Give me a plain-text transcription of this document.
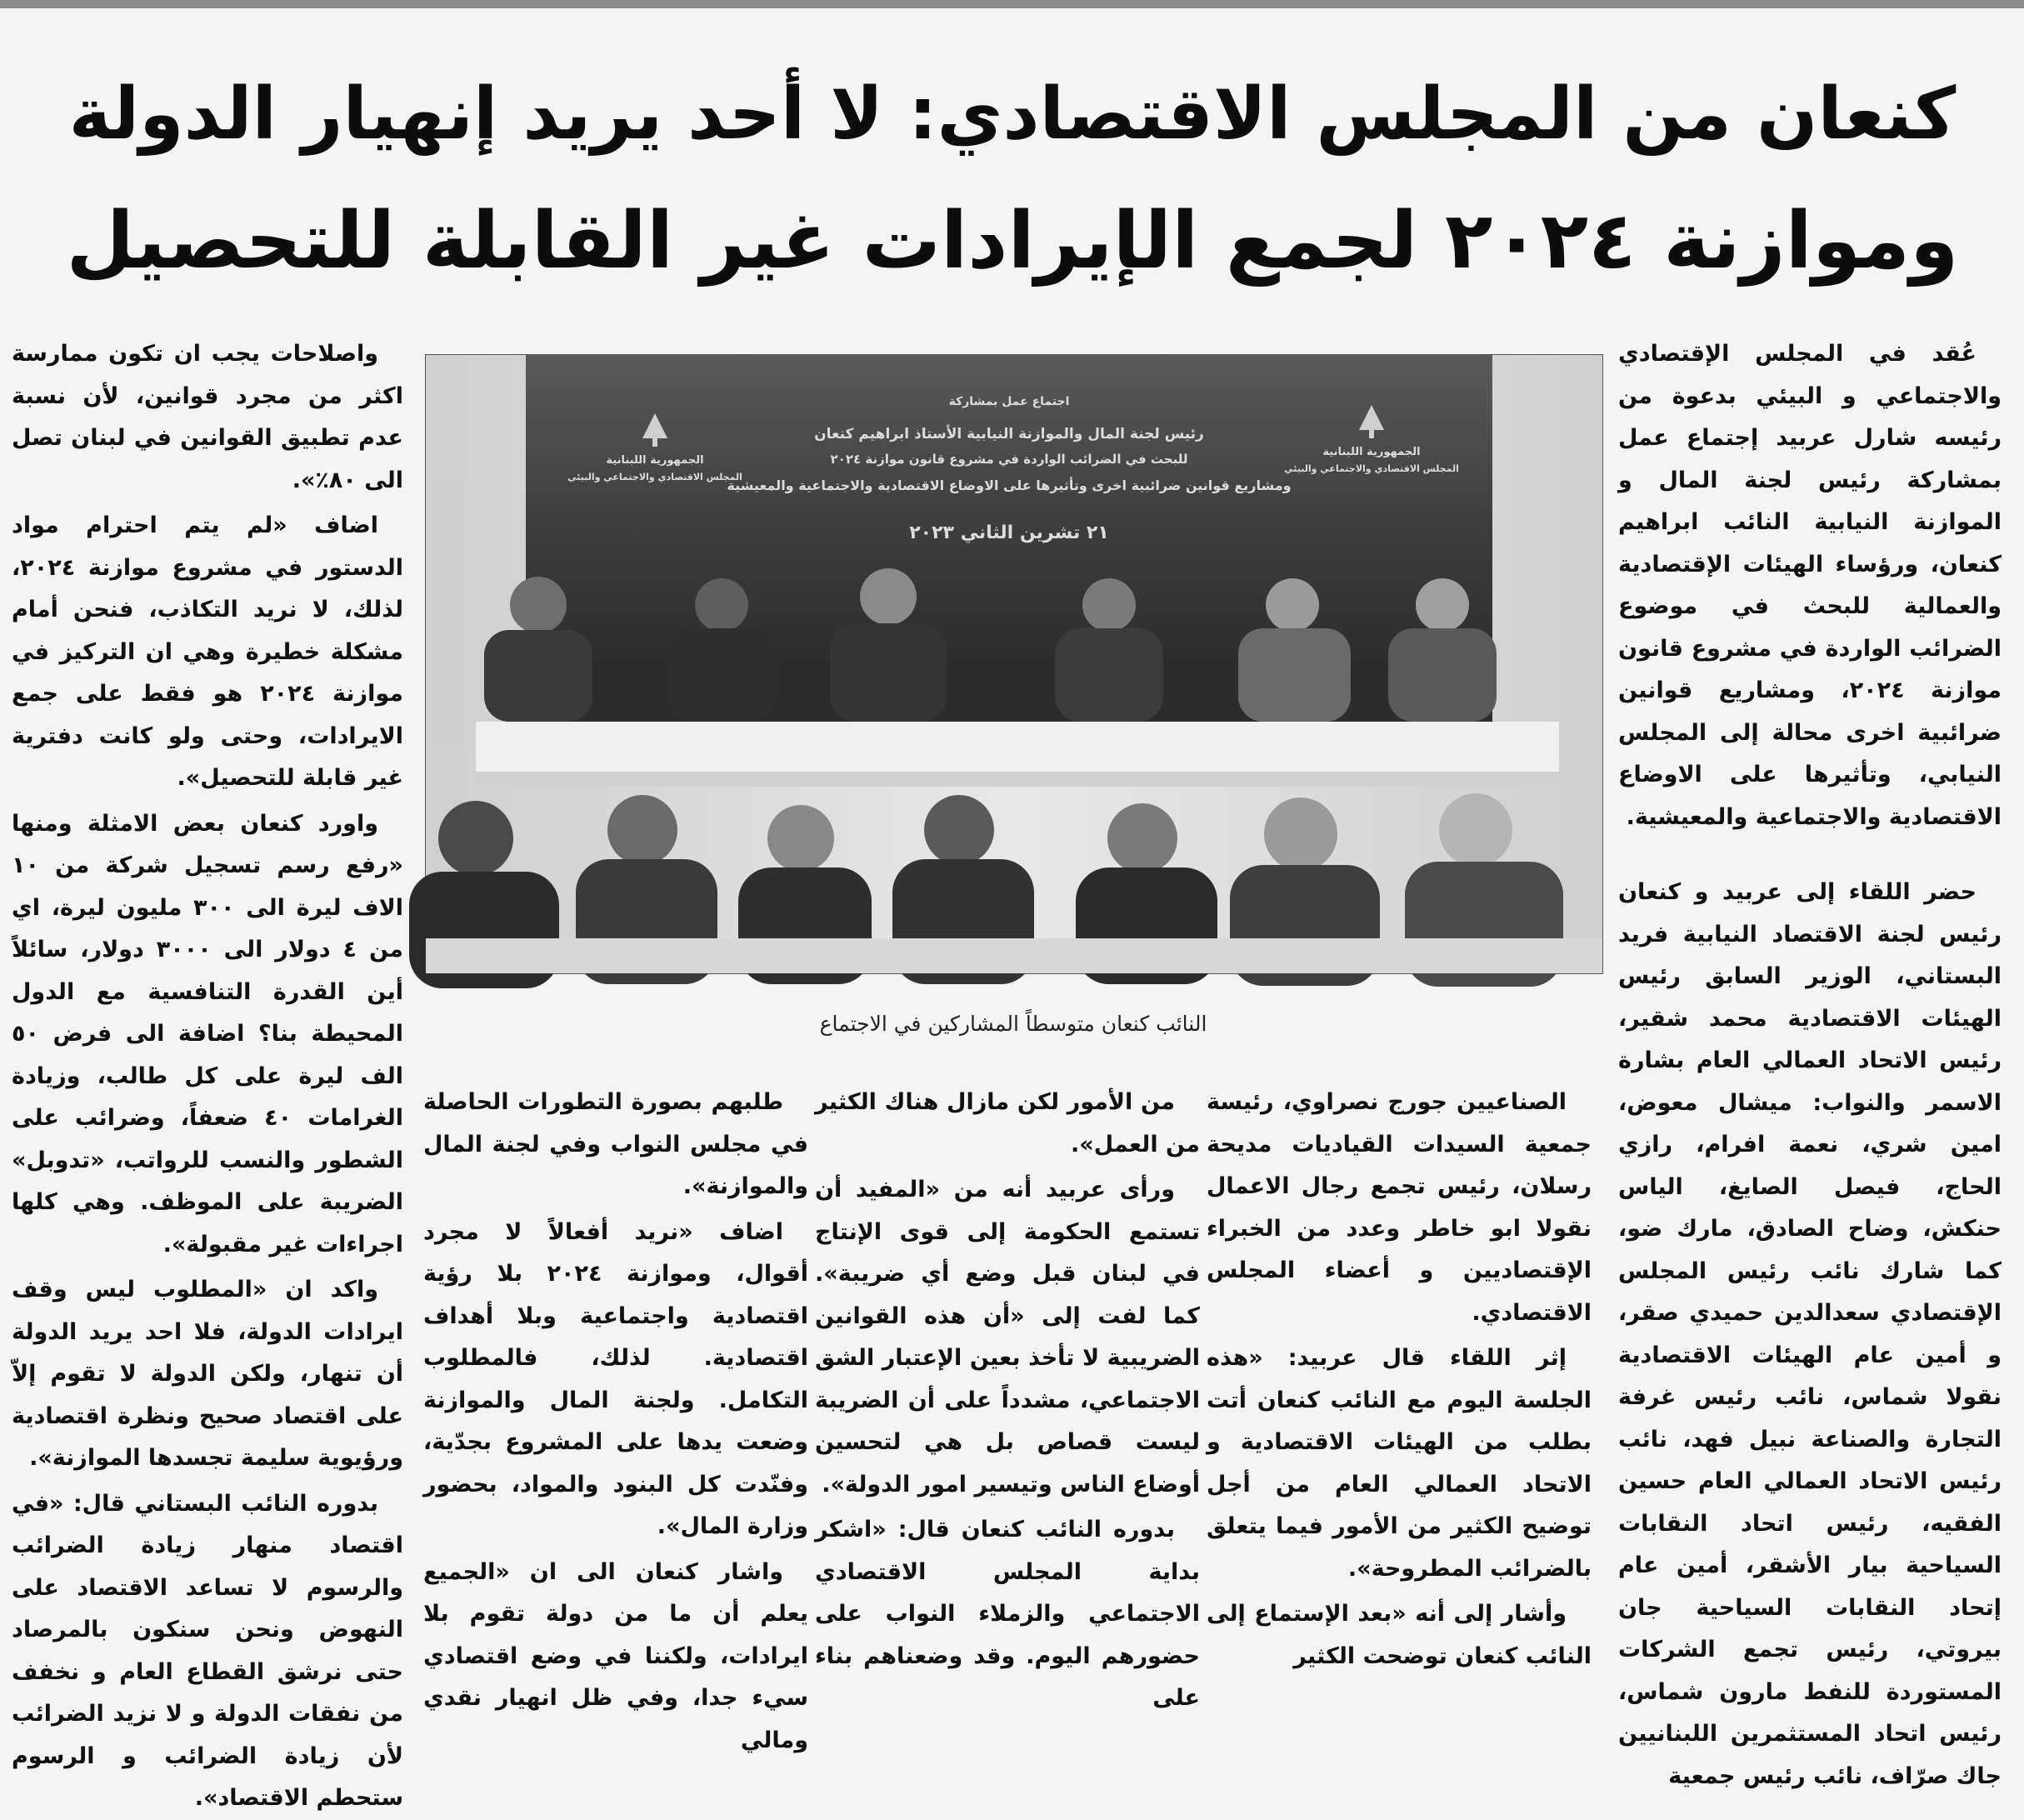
كنعان من المجلس الاقتصادي: لا أحد يريد إنهيار الدولة
وموازنة ٢٠٢٤ لجمع الإيرادات غير القابلة للتحصيل

عُقد في المجلس الإقتصادي والاجتماعي و البيئي بدعوة من رئيسه شارل عربيد إجتماع عمل بمشاركة رئيس لجنة المال و الموازنة النيابية النائب ابراهيم كنعان، ورؤساء الهيئات الإقتصادية والعمالية للبحث في موضوع الضرائب الواردة في مشروع قانون موازنة ٢٠٢٤، ومشاريع قوانين ضرائبية اخرى محالة إلى المجلس النيابي، وتأثيرها على الاوضاع الاقتصادية والاجتماعية والمعيشية.

حضر اللقاء إلى عربيد و كنعان رئيس لجنة الاقتصاد النيابية فريد البستاني، الوزير السابق رئيس الهيئات الاقتصادية محمد شقير، رئيس الاتحاد العمالي العام بشارة الاسمر والنواب: ميشال معوض، امين شري، نعمة افرام، رازي الحاج، فيصل الصايغ، الياس حنكش، وضاح الصادق، مارك ضو، كما شارك نائب رئيس المجلس الإقتصادي سعدالدين حميدي صقر، و أمين عام الهيئات الاقتصادية نقولا شماس، نائب رئيس غرفة التجارة والصناعة نبيل فهد، نائب رئيس الاتحاد العمالي العام حسين الفقيه، رئيس اتحاد النقابات السياحية بيار الأشقر، أمين عام إتحاد النقابات السياحية جان بيروتي، رئيس تجمع الشركات المستوردة للنفط مارون شماس، رئيس اتحاد المستثمرين اللبنانيين جاك صرّاف، نائب رئيس جمعية

اجتماع عمل بمشاركة
رئيس لجنة المال والموازنة النيابية الأستاذ ابراهيم كنعان
للبحث في الضرائب الواردة في مشروع قانون موازنة ٢٠٢٤
ومشاريع قوانين ضرائبية اخرى وتأثيرها على الاوضاع الاقتصادية والاجتماعية والمعيشية
٢١ تشرين الثاني ٢٠٢٣
الجمهورية اللبنانية
المجلس الاقتصادي والاجتماعي والبيئي
الجمهورية اللبنانية
المجلس الاقتصادي والاجتماعي والبيئي
النائب كنعان متوسطاً المشاركين في الاجتماع

الصناعيين جورج نصراوي، رئيسة جمعية السيدات القياديات مديحة رسلان، رئيس تجمع رجال الاعمال نقولا ابو خاطر وعدد من الخبراء الإقتصاديين و أعضاء المجلس الاقتصادي.

إثر اللقاء قال عربيد: «هذه الجلسة اليوم مع النائب كنعان أتت بطلب من الهيئات الاقتصادية و الاتحاد العمالي العام من أجل توضيح الكثير من الأمور فيما يتعلق بالضرائب المطروحة».

وأشار إلى أنه «بعد الإستماع إلى النائب كنعان توضحت الكثير

من الأمور لكن مازال هناك الكثير من العمل».

ورأى عربيد أنه من «المفيد أن تستمع الحكومة إلى قوى الإنتاج في لبنان قبل وضع أي ضريبة». كما لفت إلى «أن هذه القوانين الضريبية لا تأخذ بعين الإعتبار الشق الاجتماعي، مشدداً على أن الضريبة ليست قصاص بل هي لتحسين أوضاع الناس وتيسير امور الدولة».

بدوره النائب كنعان قال: «اشكر بداية المجلس الاقتصادي الاجتماعي والزملاء النواب على حضورهم اليوم. وقد وضعناهم بناء على

طلبهم بصورة التطورات الحاصلة في مجلس النواب وفي لجنة المال والموازنة».

اضاف «نريد أفعالاً لا مجرد أقوال، وموازنة ٢٠٢٤ بلا رؤية اقتصادية واجتماعية وبلا أهداف اقتصادية. لذلك، فالمطلوب التكامل. ولجنة المال والموازنة وضعت يدها على المشروع بجدّية، وفنّدت كل البنود والمواد، بحضور وزارة المال».

واشار كنعان الى ان «الجميع يعلم أن ما من دولة تقوم بلا ايرادات، ولكننا في وضع اقتصادي سيء جدا، وفي ظل انهيار نقدي ومالي

واصلاحات يجب ان تكون ممارسة اكثر من مجرد قوانين، لأن نسبة عدم تطبيق القوانين في لبنان تصل الى ٨٠٪».

اضاف «لم يتم احترام مواد الدستور في مشروع موازنة ٢٠٢٤، لذلك، لا نريد التكاذب، فنحن أمام مشكلة خطيرة وهي ان التركيز في موازنة ٢٠٢٤ هو فقط على جمع الايرادات، وحتى ولو كانت دفترية غير قابلة للتحصيل».

واورد كنعان بعض الامثلة ومنها «رفع رسم تسجيل شركة من ١٠ الاف ليرة الى ٣٠٠ مليون ليرة، اي من ٤ دولار الى ٣٠٠٠ دولار، سائلاً أين القدرة التنافسية مع الدول المحيطة بنا؟ اضافة الى فرض ٥٠ الف ليرة على كل طالب، وزيادة الغرامات ٤٠ ضعفاً، وضرائب على الشطور والنسب للرواتب، «تدوبل» الضريبة على الموظف. وهي كلها اجراءات غير مقبولة».

واكد ان «المطلوب ليس وقف ايرادات الدولة، فلا احد يريد الدولة أن تنهار، ولكن الدولة لا تقوم إلاّ على اقتصاد صحيح ونظرة اقتصادية ورؤيوية سليمة تجسدها الموازنة».

بدوره النائب البستاني قال: «في اقتصاد منهار زيادة الضرائب والرسوم لا تساعد الاقتصاد على النهوض ونحن سنكون بالمرصاد حتى نرشق القطاع العام و نخفف من نفقات الدولة و لا نزيد الضرائب لأن زيادة الضرائب و الرسوم ستحطم الاقتصاد».
